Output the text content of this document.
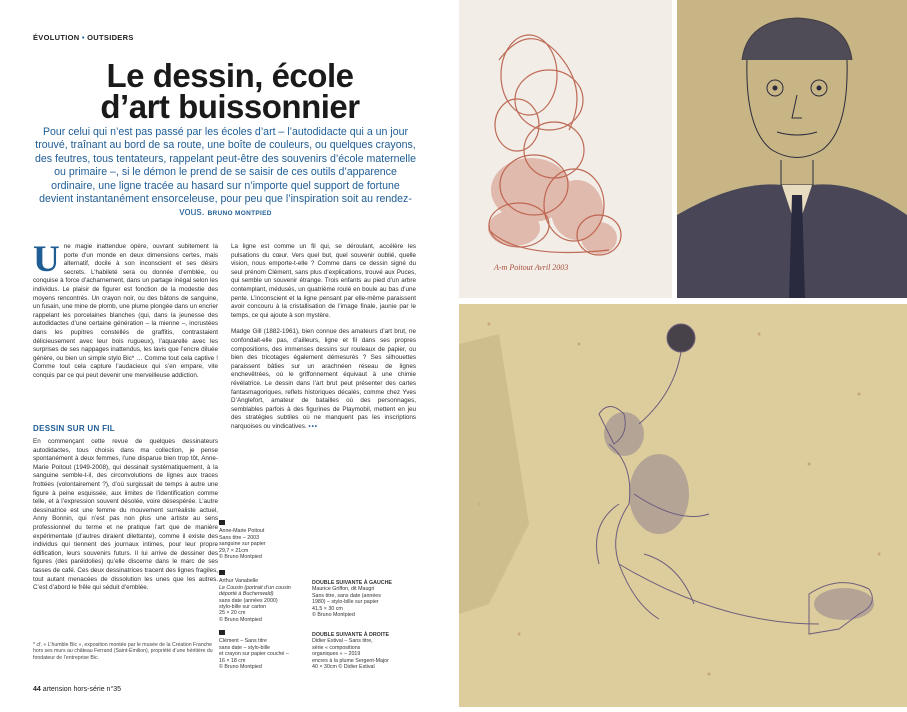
ÉVOLUTION • OUTSIDERS
Le dessin, école
d’art buissonnier
Pour celui qui n’est pas passé par les écoles d’art – l’autodidacte qui a un jour trouvé, traînant au bord de sa route, une boîte de couleurs, ou quelques crayons, des feutres, tous tentateurs, rappelant peut-être des souvenirs d’école maternelle ou primaire –, si le démon le prend de se saisir de ces outils d’apparence ordinaire, une ligne tracée au hasard sur n’importe quel support de fortune devient instantanément ensorceleuse, pour peu que l’inspiration soit au rendez-vous. BRUNO MONTPIED
U ne magie inattendue opère, ouvrant subitement la porte d’un monde en deux dimensions certes, mais alternatif, docile à son inconscient et ses désirs secrets. L’habileté sera ou donnée d’emblée, ou conquise à force d’acharnement, dans un partage inégal selon les individus. Le plaisir de figurer est fonction de la modestie des moyens rencontrés. Un crayon noir, ou des bâtons de sanguine, un fusain, une mine de plomb, une plume plongée dans un encrier rappelant les porcelaines blanches (qui, dans la jeunesse des autodidactes d’une certaine génération – la mienne –, incrustées dans les pupitres constellés de graffitis, contrastaient délicieusement avec leur bois rugueux), l’aquarelle avec les surprises de ses nappages inattendus, les lavis que l’encre diluée génère, ou bien un simple stylo Bic* … Comme tout cela captive ! Comme tout cela capture l’audacieux qui s’en empare, vite conquis par ce qui peut devenir une merveilleuse addiction.
DESSIN SUR UN FIL
En commençant cette revue de quelques dessinateurs autodidactes, tous choisis dans ma collection, je pense spontanément à deux femmes, l’une disparue bien trop tôt, Anne-Marie Poitout (1949-2008), qui dessinait systématiquement, à la sanguine semble-t-il, des circonvolutions de lignes aux traces frottées (volontairement ?), d’où surgissait de temps à autre une figure à peine esquissée, aux limites de l’identification comme telle, et à l’expression souvent désolée, voire désespérée. L’autre dessinatrice est une femme du mouvement surréaliste actuel, Anny Bonnin, qui n’est pas non plus une artiste au sens professionnel du terme et ne pratique l’art que de manière expérimentale (d’autres diraient dilettante), comme il existe des individus qui tiennent des journaux intimes, pour leur propre édification, leurs souvenirs futurs. Il lui arrive de dessiner des figures (des paréidolies) qu’elle discerne dans le marc de ses tasses de café. Ces deux dessinatrices tracent des lignes fragiles, tout autant menacées de dissolution les unes que les autres. C’est d’abord le frêle qui séduit d’emblée.
La ligne est comme un fil qui, se déroulant, accélère les pulsations du cœur. Vers quel but, quel souvenir oublié, quelle vision, nous emporte-t-elle ? Comme dans ce dessin signé du seul prénom Clément, sans plus d’explications, trouvé aux Puces, qui semble un souvenir étrange. Trois enfants au pied d’un arbre contemplant, médusés, un quatrième roulé en boule au bas d’une pente. L’inconscient et la ligne pensant par elle-même paraissent avoir concouru à la cristallisation de l’image finale, jaunie par le temps, ce qui ajoute à son mystère.
Madge Gill (1882-1961), bien connue des amateurs d’art brut, ne confondait-elle pas, d’ailleurs, ligne et fil dans ses propres compositions, des immenses dessins sur rouleaux de papier, ou bien des tricotages également démesurés ? Ses silhouettes paraissent bâties sur un arachnéen réseau de lignes enchevêtrées, où le griffonnement équivaut à une chimie révélatrice. Le dessin dans l’art brut peut présenter des cartes fantasmagoriques, reflets historiques décalés, comme chez Yves D’Anglefort, amateur de batailles où des personnages, semblables parfois à des figurines de Playmobil, mettent en jeu des stratégies subtiles où ne manquent pas les inscriptions narquoises ou vindicatives. •••
Anne-Marie Poitout
Sans titre – 2003
sanguine sur papier
29,7 × 21cm
© Bruno Montpied
Arthur Vanabelle
Le Cousin (portrait d’un cousin
déporté à Buchenwald)
sans date (années 2000)
stylo-bille sur carton
25 × 20 cm
© Bruno Montpied
Clément – Sans titre
sans date – stylo-bille
et crayon sur papier couché –
16 × 18 cm
© Bruno Montpied
DOUBLE SUIVANTE À GAUCHE
Maurice Griffon, dit Maugri
Sans titre, sans date (années
1980) – stylo-bille sur papier
41,5 × 30 cm
© Bruno Montpied
DOUBLE SUIVANTE À DROITE
Didier Estival – Sans titre,
série « compositions
organiques » – 2019
encres à la plume Sergent-Major
40 × 30cm © Didier Estival
* cf. « L’humble Bic », exposition montée par le musée de la Création Franche hors ses murs au château Ferrand (Saint-Émilion), propriété d’une héritière du fondateur de l’entreprise Bic.
44 artension hors-série n°35
A-m Poitout Avril 2003
